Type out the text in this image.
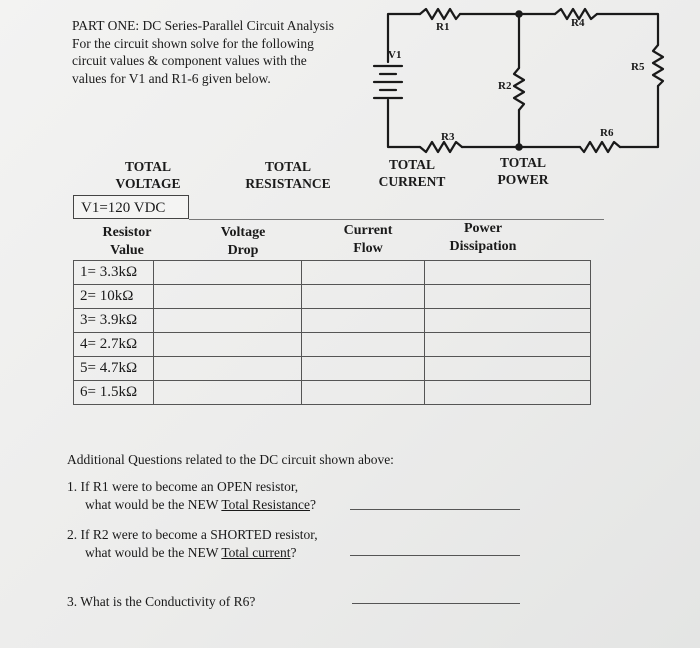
PART ONE: DC Series-Parallel Circuit Analysis
For the circuit shown solve for the following
circuit values & component values with the
values for V1 and R1-6 given below.
V1
R1
R2
R3
R4
R5
R6
TOTAL
VOLTAGE
TOTAL
RESISTANCE
TOTAL
CURRENT
TOTAL
POWER
V1=120 VDC
Resistor
Value
Voltage
Drop
Current
Flow
Power
Dissipation
1= 3.3kΩ			
2= 10kΩ			
3= 3.9kΩ			
4= 2.7kΩ			
5= 4.7kΩ			
6= 1.5kΩ			
Additional Questions related to the DC circuit shown above:
1. If R1 were to become an OPEN resistor,
what would be the NEW Total Resistance?
2. If R2 were to become a SHORTED resistor,
what would be the NEW Total current?
3. What is the Conductivity of R6?
